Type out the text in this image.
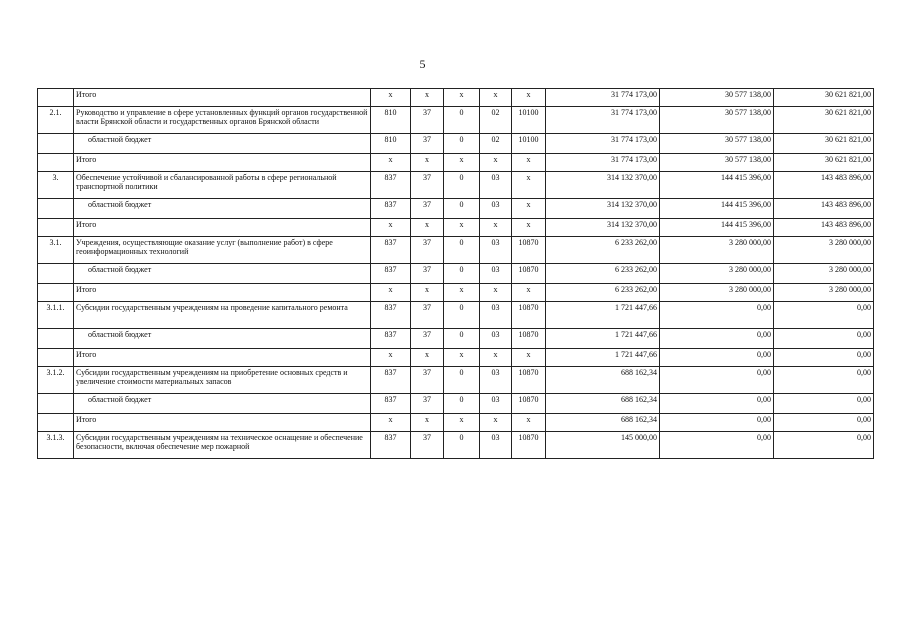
5
	Итого	x	x	x	x	x	31 774 173,00	30 577 138,00	30 621 821,00
2.1.	Руководство и управление в сфере установленных функций органов государственной власти Брянской области и государственных органов Брянской области	810	37	0	02	10100	31 774 173,00	30 577 138,00	30 621 821,00
	областной бюджет	810	37	0	02	10100	31 774 173,00	30 577 138,00	30 621 821,00
	Итого	x	x	x	x	x	31 774 173,00	30 577 138,00	30 621 821,00
3.	Обеспечение устойчивой и сбалансированной работы в сфере региональной транспортной политики	837	37	0	03	x	314 132 370,00	144 415 396,00	143 483 896,00
	областной бюджет	837	37	0	03	x	314 132 370,00	144 415 396,00	143 483 896,00
	Итого	x	x	x	x	x	314 132 370,00	144 415 396,00	143 483 896,00
3.1.	Учреждения, осуществляющие оказание услуг (выполнение работ) в сфере геоинформационных технологий	837	37	0	03	10870	6 233 262,00	3 280 000,00	3 280 000,00
	областной бюджет	837	37	0	03	10870	6 233 262,00	3 280 000,00	3 280 000,00
	Итого	x	x	x	x	x	6 233 262,00	3 280 000,00	3 280 000,00
3.1.1.	Субсидии государственным учреждениям на проведение капитального ремонта	837	37	0	03	10870	1 721 447,66	0,00	0,00
	областной бюджет	837	37	0	03	10870	1 721 447,66	0,00	0,00
	Итого	x	x	x	x	x	1 721 447,66	0,00	0,00
3.1.2.	Субсидии государственным учреждениям на приобретение основных средств и увеличение стоимости материальных запасов	837	37	0	03	10870	688 162,34	0,00	0,00
	областной бюджет	837	37	0	03	10870	688 162,34	0,00	0,00
	Итого	x	x	x	x	x	688 162,34	0,00	0,00
3.1.3.	Субсидии государственным учреждениям на техническое оснащение и обеспечение безопасности, включая обеспечение мер пожарной	837	37	0	03	10870	145 000,00	0,00	0,00
